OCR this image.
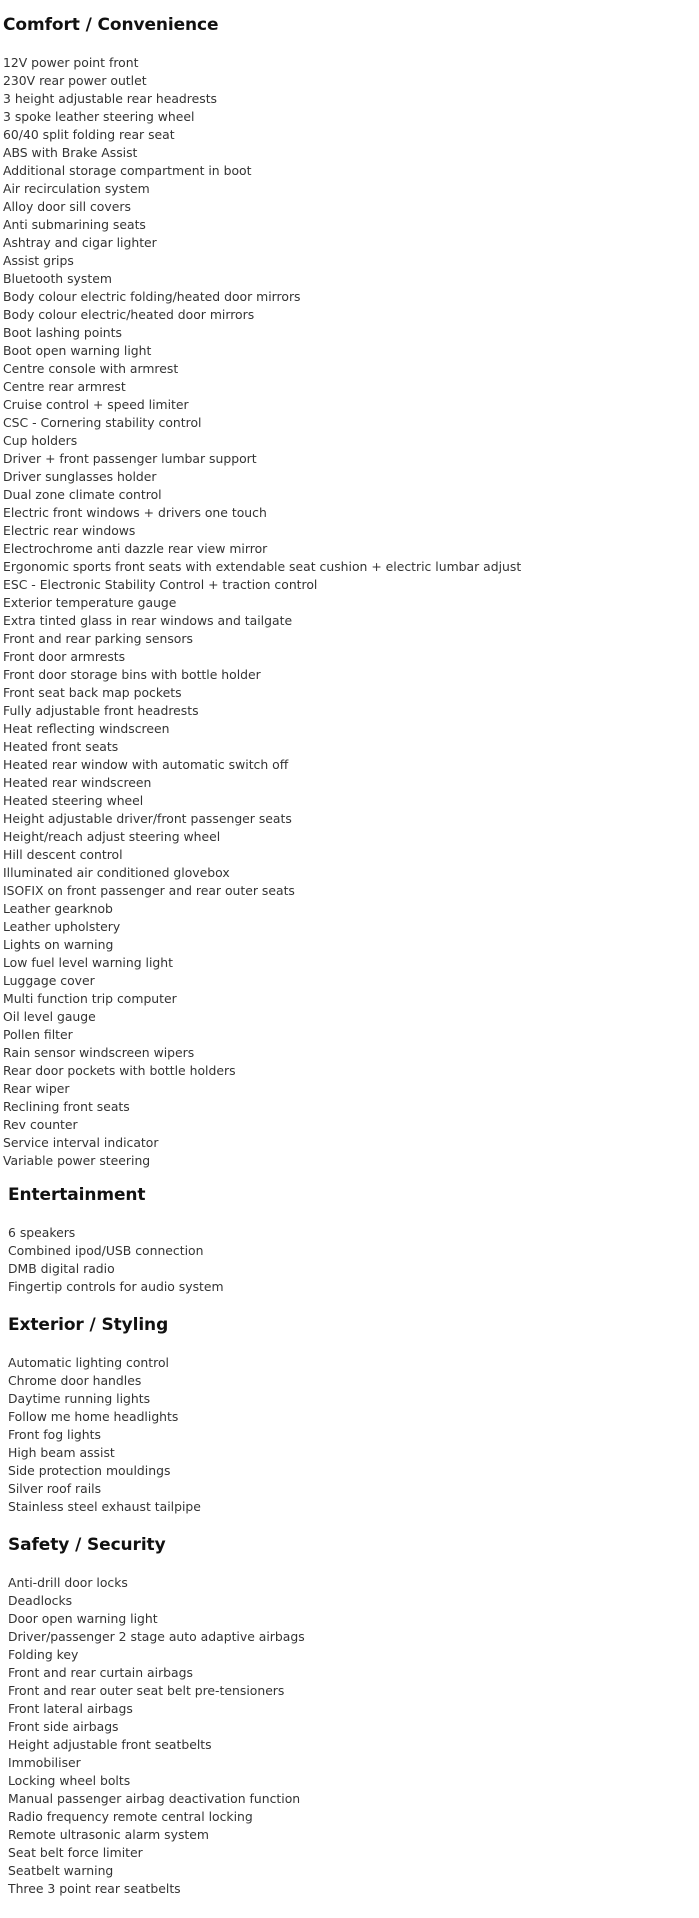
Comfort / Convenience
12V power point front
230V rear power outlet
3 height adjustable rear headrests
3 spoke leather steering wheel
60/40 split folding rear seat
ABS with Brake Assist
Additional storage compartment in boot
Air recirculation system
Alloy door sill covers
Anti submarining seats
Ashtray and cigar lighter
Assist grips
Bluetooth system
Body colour electric folding/heated door mirrors
Body colour electric/heated door mirrors
Boot lashing points
Boot open warning light
Centre console with armrest
Centre rear armrest
Cruise control + speed limiter
CSC - Cornering stability control
Cup holders
Driver + front passenger lumbar support
Driver sunglasses holder
Dual zone climate control
Electric front windows + drivers one touch
Electric rear windows
Electrochrome anti dazzle rear view mirror
Ergonomic sports front seats with extendable seat cushion + electric lumbar adjust
ESC - Electronic Stability Control + traction control
Exterior temperature gauge
Extra tinted glass in rear windows and tailgate
Front and rear parking sensors
Front door armrests
Front door storage bins with bottle holder
Front seat back map pockets
Fully adjustable front headrests
Heat reflecting windscreen
Heated front seats
Heated rear window with automatic switch off
Heated rear windscreen
Heated steering wheel
Height adjustable driver/front passenger seats
Height/reach adjust steering wheel
Hill descent control
Illuminated air conditioned glovebox
ISOFIX on front passenger and rear outer seats
Leather gearknob
Leather upholstery
Lights on warning
Low fuel level warning light
Luggage cover
Multi function trip computer
Oil level gauge
Pollen filter
Rain sensor windscreen wipers
Rear door pockets with bottle holders
Rear wiper
Reclining front seats
Rev counter
Service interval indicator
Variable power steering
Entertainment
6 speakers
Combined ipod/USB connection
DMB digital radio
Fingertip controls for audio system
Exterior / Styling
Automatic lighting control
Chrome door handles
Daytime running lights
Follow me home headlights
Front fog lights
High beam assist
Side protection mouldings
Silver roof rails
Stainless steel exhaust tailpipe
Safety / Security
Anti-drill door locks
Deadlocks
Door open warning light
Driver/passenger 2 stage auto adaptive airbags
Folding key
Front and rear curtain airbags
Front and rear outer seat belt pre-tensioners
Front lateral airbags
Front side airbags
Height adjustable front seatbelts
Immobiliser
Locking wheel bolts
Manual passenger airbag deactivation function
Radio frequency remote central locking
Remote ultrasonic alarm system
Seat belt force limiter
Seatbelt warning
Three 3 point rear seatbelts
